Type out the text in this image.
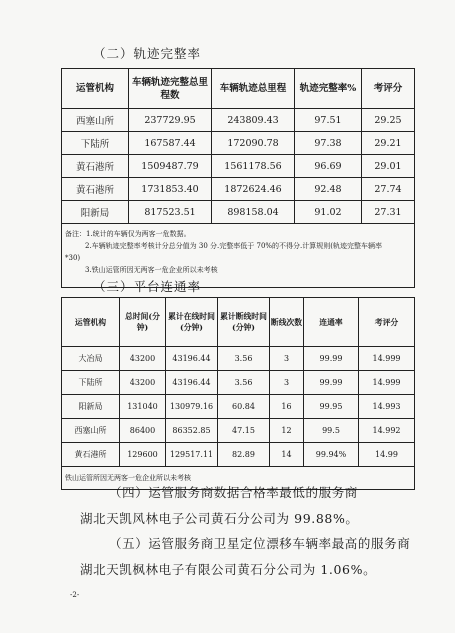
（二）轨迹完整率
运管机构	车辆轨迹完整总里程数	车辆轨迹总里程	轨迹完整率%	考评分
西塞山所	237729.95	243809.43	97.51	29.25
下陆所	167587.44	172090.78	97.38	29.21
黄石港所	1509487.79	1561178.56	96.69	29.01
黄石港所	1731853.40	1872624.46	92.48	27.74
阳新局	817523.51	898158.04	91.02	27.31

备注：1.统计的车辆仅为两客一危数据。
2.车辆轨迹完整率考核计分总分值为 30 分.完整率低于 70%的不得分.计算规则(轨迹完整车辆率
*30)
3.铁山运管所因无两客一危企业所以未考核				
（三）平台连通率
运管机构	总时间(分钟)	累计在线时间(分钟)	累计断线时间(分钟)	断线次数	连通率	考评分
大冶局	43200	43196.44	3.56	3	99.99	14.999
下陆所	43200	43196.44	3.56	3	99.99	14.999
阳新局	131040	130979.16	60.84	16	99.95	14.993
西塞山所	86400	86352.85	47.15	12	99.5	14.992
黄石港所	129600	129517.11	82.89	14	99.94%	14.99
铁山运管所因无两客一危企业所以未考核						
（四）运管服务商数据合格率最低的服务商
湖北天凯风林电子公司黄石分公司为 99.88%。
（五）运管服务商卫星定位漂移车辆率最高的服务商
湖北天凯枫林电子有限公司黄石分公司为 1.06%。
-2-
